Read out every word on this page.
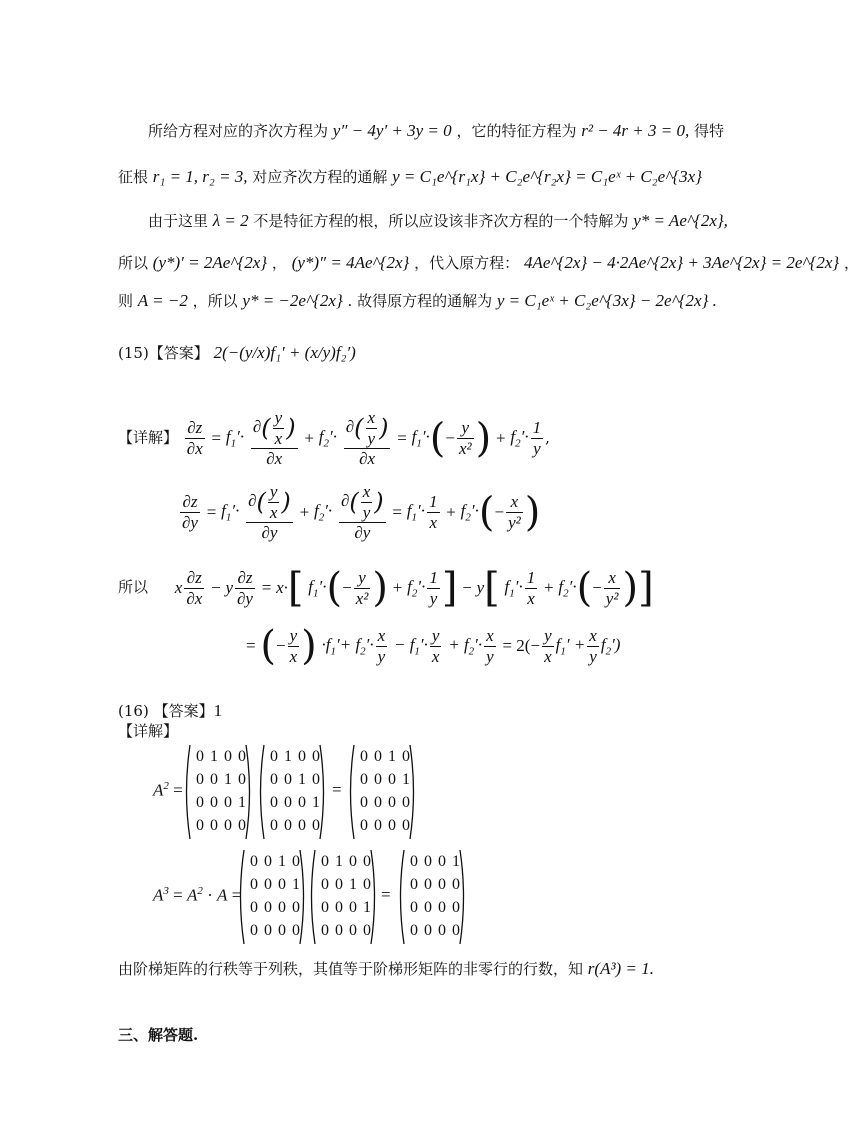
所给方程对应的齐次方程为 y″ − 4y′ + 3y = 0 ，它的特征方程为 r² − 4r + 3 = 0, 得特
征根 r₁ = 1, r₂ = 3, 对应齐次方程的通解 y = C₁e^{r₁x} + C₂e^{r₂x} = C₁eˣ + C₂e^{3x}
由于这里 λ = 2 不是特征方程的根，所以应设该非齐次方程的一个特解为 y* = Ae^{2x},
所以 (y*)′ = 2Ae^{2x} ， (y*)″ = 4Ae^{2x} ，代入原方程： 4Ae^{2x} − 4·2Ae^{2x} + 3Ae^{2x} = 2e^{2x} ，
则 A = −2 ，所以 y* = −2e^{2x} . 故得原方程的通解为 y = C₁eˣ + C₂e^{3x} − 2e^{2x} .
(15)【答案】 2(−(y/x)f₁′ + (x/y)f₂′)
【详解】 $\frac{\partial z}{\partial x} = f_1'\cdot \frac{\partial( \frac{y}{x} )}{\partial x} + f_2'\cdot \frac{\partial( \frac{x}{y} )}{\partial x} = f_1'\cdot(- \frac{y}{\text{x²}}$ ) + $f_2'\cdot \frac{1}{y}$ ,
$\frac{\partial z}{\partial y} = f_1'\cdot \frac{\partial( \frac{y}{x} )}{\partial y} + f_2'\cdot \frac{\partial( \frac{x}{y} )}{\partial y} = f_1'\cdot \frac{1}{x} + f_2'\cdot(- \frac{x}{\text{y²}}$ )
所以 x $\frac{\partial z}{\partial x} - y \frac{\partial z}{\partial y} = x\cdot$[ $f_1'\cdot(- \frac{y}{\text{x²}}$ ) + $f_2'\cdot \frac{1}{y}$ ] − y[ $f_1'\cdot \frac{1}{x} + f_2'\cdot(- \frac{x}{\text{y²}}$ )]
= (− $\frac{y}{x}$ ) $\cdot f_1'+ f_2'\cdot \frac{x}{y} - f_1'\cdot \frac{y}{x} + f_2'\cdot \frac{x}{y} = 2(- \frac{y}{x} f_1' + \frac{x}{y} f_2')$
(16) 【答案】1
【详解】
$A^2$ =
$A^3 = A^2 \cdot A$ =
=
=
0 1 0 0
0 0 1 0
0 0 0 1
0 0 0 0
0 1 0 0
0 0 1 0
0 0 0 1
0 0 0 0
0 0 1 0
0 0 0 1
0 0 0 0
0 0 0 0
0 0 1 0
0 0 0 1
0 0 0 0
0 0 0 0
0 1 0 0
0 0 1 0
0 0 0 1
0 0 0 0
0 0 0 1
0 0 0 0
0 0 0 0
0 0 0 0
由阶梯矩阵的行秩等于列秩，其值等于阶梯形矩阵的非零行的行数，知 r(A³) = 1.
三、解答题.
